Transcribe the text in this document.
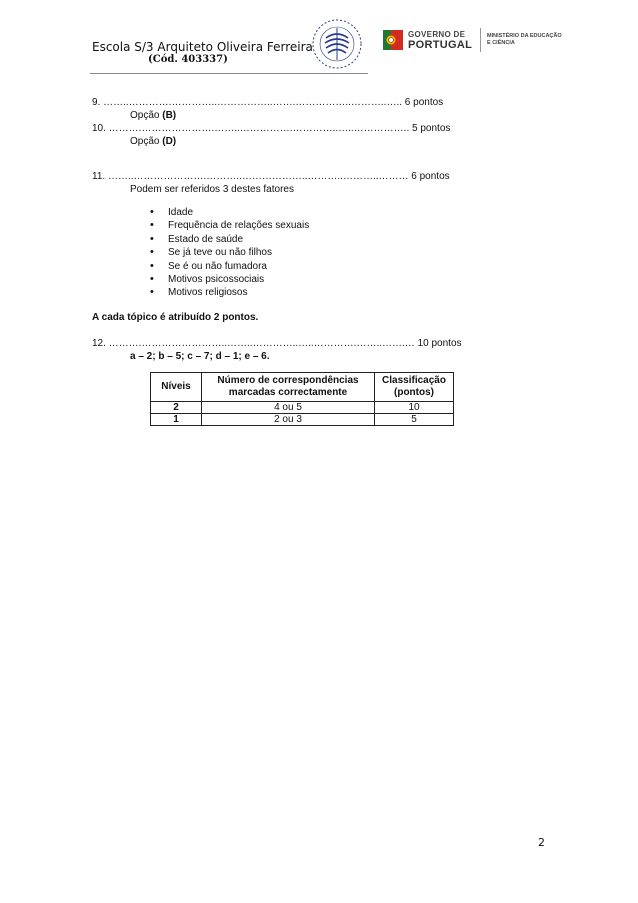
Escola S/3 Arquiteto Oliveira Ferreira
(Cód. 403337)
GOVERNO DE
PORTUGAL
MINISTÉRIO DA EDUCAÇÃO
E CIÊNCIA
9. ……..………….…………..……………..…….……………..………..….. 6 pontos
Opção (B)
10. ……….………………….……..…………….…………..…..…………….. 5 pontos
Opção (D)
11. ……..………………….………..………………..………..………..……… 6 pontos
Podem ser referidos 3 destes fatores
• Idade
• Frequência de relações sexuais
• Estado de saúde
• Se já teve ou não filhos
• Se é ou não fumadora
• Motivos psicossociais
• Motivos religiosos
A cada tópico é atribuído 2 pontos.
12. ……….……………………..……..…………..…..………….……..…….… 10 pontos
a – 2; b – 5; c – 7; d – 1; e – 6.
Níveis	Número de correspondências marcadas correctamente	Classificação (pontos)
2	4 ou 5	10
1	2 ou 3	5
2
